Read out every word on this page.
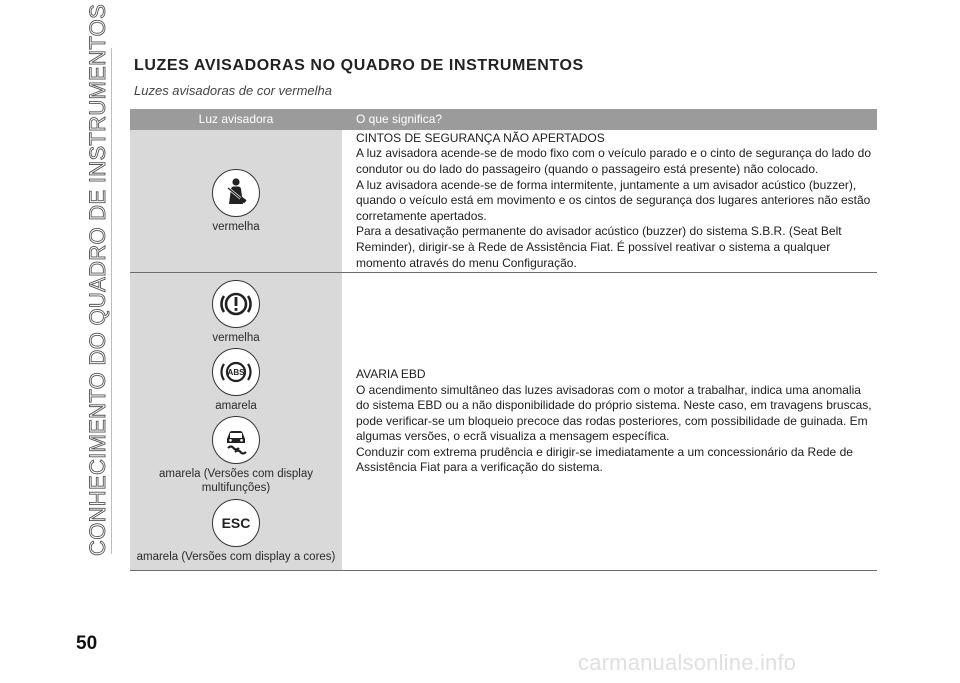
CONHECIMENTO DO QUADRO DE INSTRUMENTOS LUZES AVISADORAS NO QUADRO DE INSTRUMENTOS
Luzes avisadoras de cor vermelha
Luz avisadora	O que significa?
vermelha

CINTOS DE SEGURANÇA NÃO APERTADOS

A luz avisadora acende-se de modo fixo com o veículo parado e o cinto de segurança do lado do condutor ou do lado do passageiro (quando o passageiro está presente) não colocado.

A luz avisadora acende-se de forma intermitente, juntamente a um avisador acústico (buzzer), quando o veículo está em movimento e os cintos de segurança dos lugares anteriores não estão corretamente apertados.

Para a desativação permanente do avisador acústico (buzzer) do sistema S.B.R. (Seat Belt Reminder), dirigir-se à Rede de Assistência Fiat. É possível reativar o sistema a qualquer momento através do menu Configuração.

vermelha
ABS
amarela
amarela (Versões com display multifunções)
ESC
amarela (Versões com display a cores)

AVARIA EBD

O acendimento simultâneo das luzes avisadoras com o motor a trabalhar, indica uma anomalia do sistema EBD ou a não disponibilidade do próprio sistema. Neste caso, em travagens bruscas, pode verificar-se um bloqueio precoce das rodas posteriores, com possibilidade de guinada. Em algumas versões, o ecrã visualiza a mensagem específica.

Conduzir com extrema prudência e dirigir-se imediatamente a um concessionário da Rede de Assistência Fiat para a verificação do sistema.

50
carmanualsonline.info
